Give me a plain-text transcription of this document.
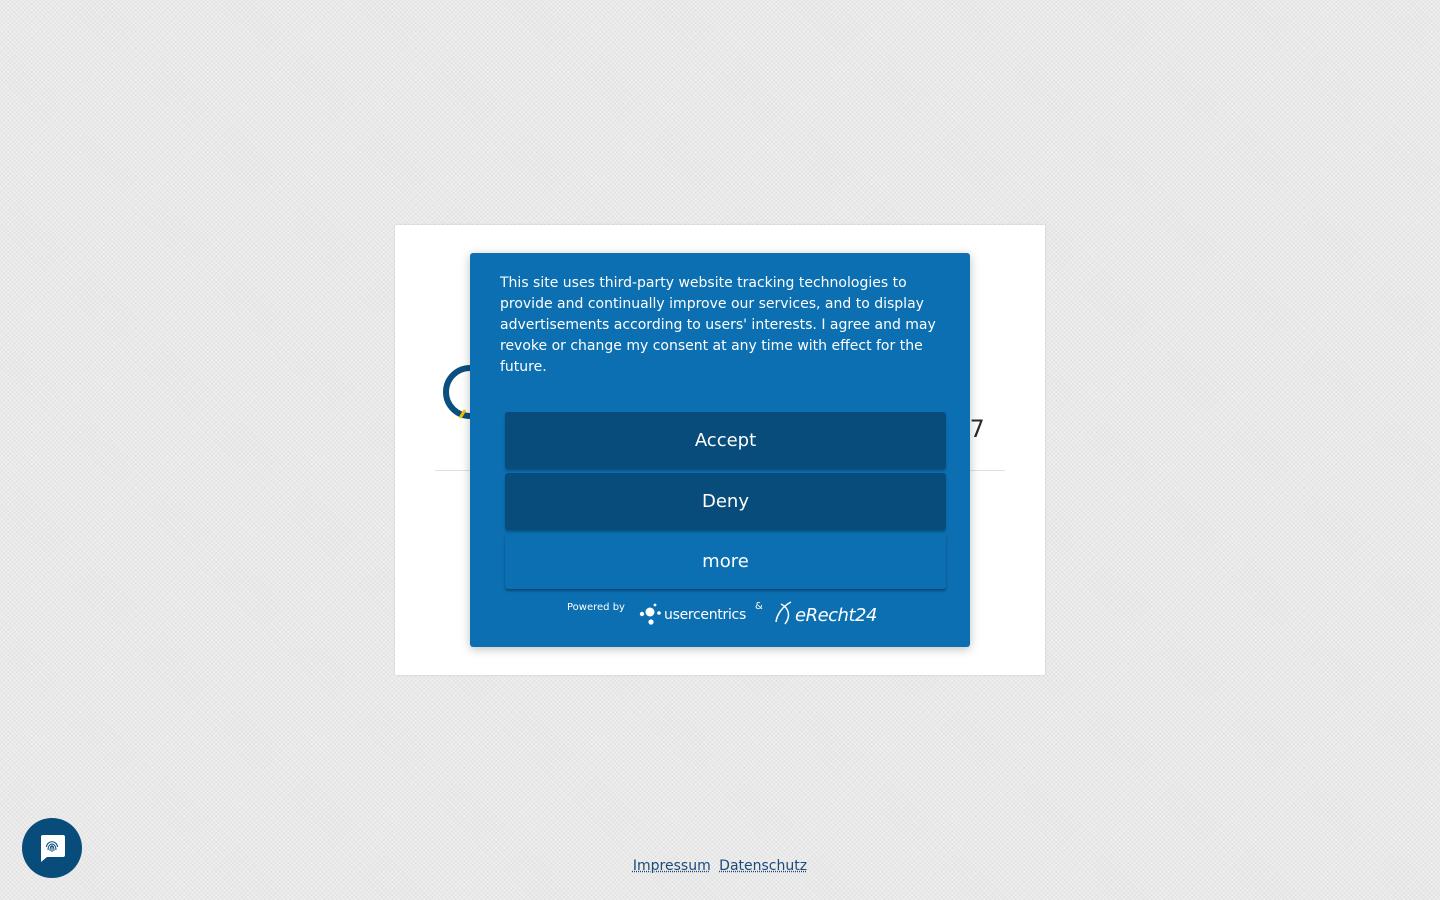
7
This site uses third-party website tracking technologies to provide and continually improve our services, and to display advertisements according to users' interests. I agree and may revoke or change my consent at any time with effect for the future.
Accept
Deny
more
Powered by	usercentrics
& eRecht24
Impressum Datenschutz
